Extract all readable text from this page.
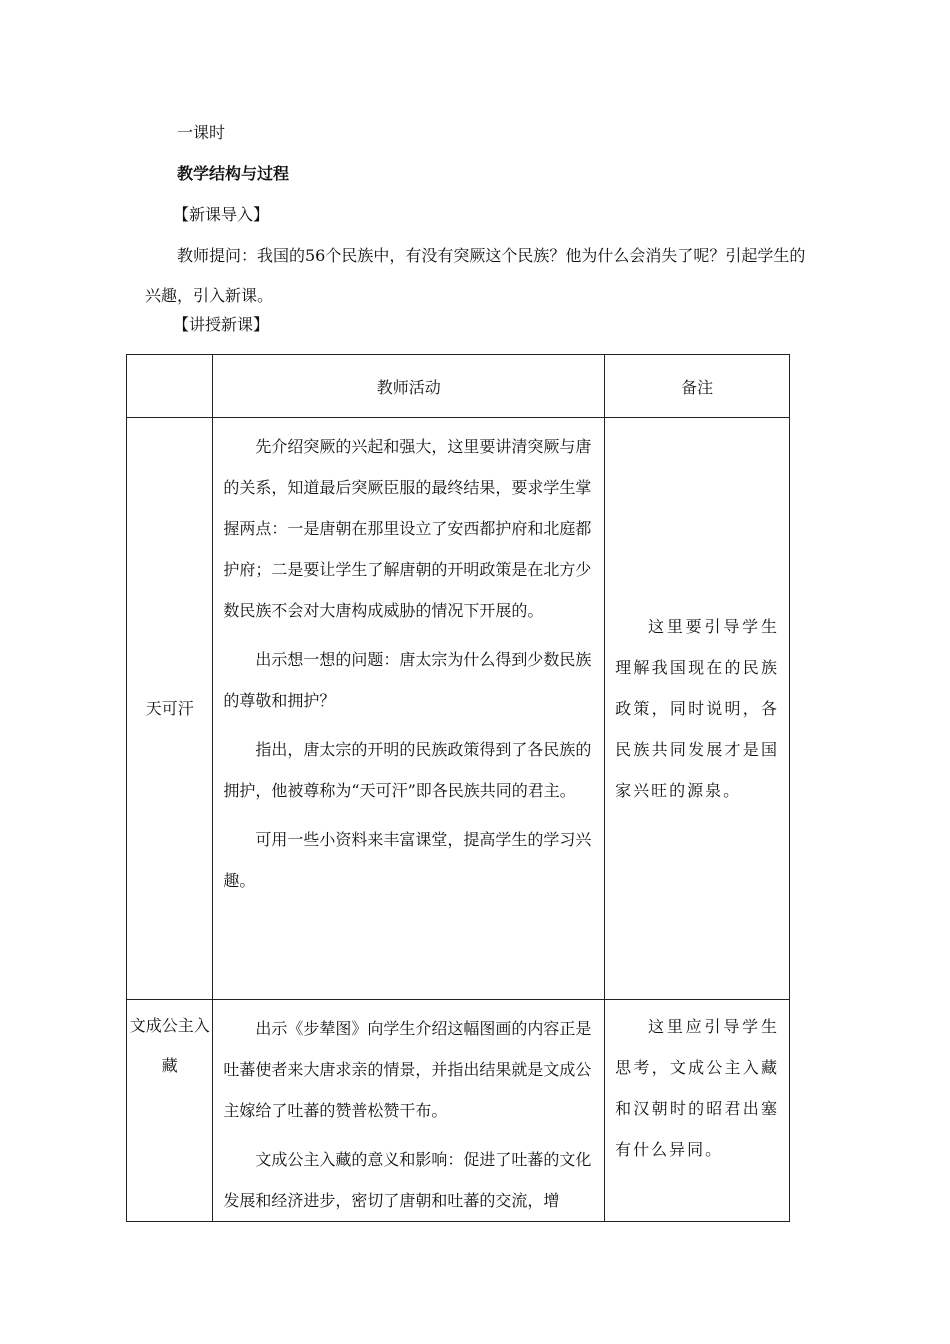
一课时
教学结构与过程
【新课导入】
教师提问：我国的56个民族中，有没有突厥这个民族？他为什么会消失了呢？引起学生的兴趣，引入新课。
【讲授新课】
	教师活动	备注

天可汗	先介绍突厥的兴起和强大，这里要讲清突厥与唐的关系，知道最后突厥臣服的最终结果，要求学生掌握两点：一是唐朝在那里设立了安西都护府和北庭都护府；二是要让学生了解唐朝的开明政策是在北方少数民族不会对大唐构成威胁的情况下开展的。

出示想一想的问题：唐太宗为什么得到少数民族的尊敬和拥护？

指出，唐太宗的开明的民族政策得到了各民族的拥护，他被尊称为“天可汗”即各民族共同的君主。

可用一些小资料来丰富课堂，提高学生的学习兴趣。	这里要引导学生理解我国现在的民族政策，同时说明，各民族共同发展才是国家兴旺的源泉。

文成公主入藏	出示《步辇图》向学生介绍这幅图画的内容正是吐蕃使者来大唐求亲的情景，并指出结果就是文成公主嫁给了吐蕃的赞普松赞干布。

文成公主入藏的意义和影响：促进了吐蕃的文化发展和经济进步，密切了唐朝和吐蕃的交流，增	这里应引导学生思考，文成公主入藏和汉朝时的昭君出塞有什么异同。
